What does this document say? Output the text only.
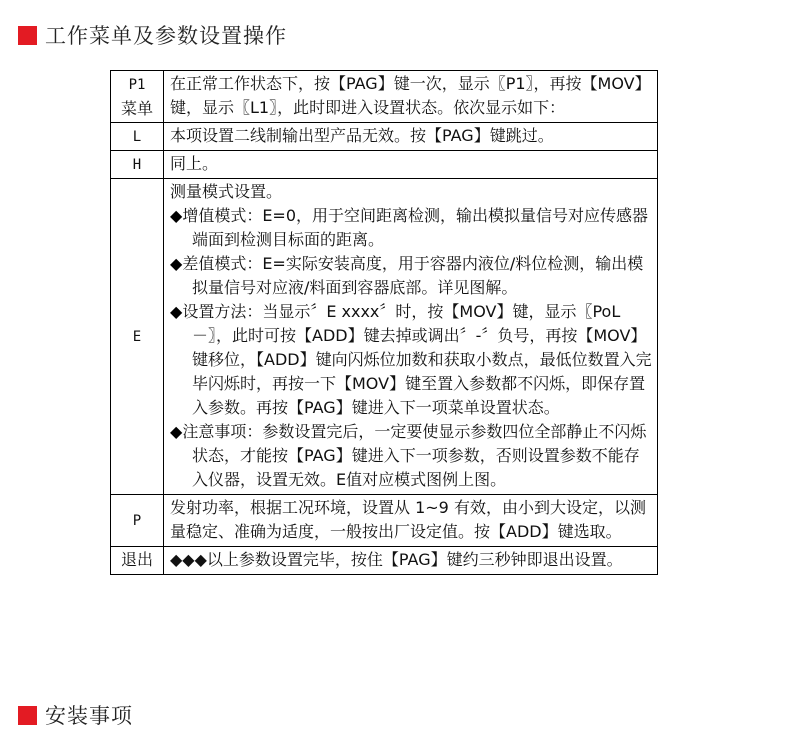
工作菜单及参数设置操作
P1
菜单	在正常工作状态下，按【PAG】键一次，显示〖P1〗，再按【MOV】键，显示〖L1〗，此时即进入设置状态。依次显示如下：
L	本项设置二线制输出型产品无效。按【PAG】键跳过。
H	同上。
E	测量模式设置。
◆增值模式：E=0，用于空间距离检测，输出模拟量信号对应传感器端面到检测目标面的距离。
◆差值模式：E=实际安装高度，用于容器内液位/料位检测，输出模拟量信号对应液/料面到容器底部。详见图解。
◆设置方法：当显示〞E xxxx〞时，按【MOV】键，显示〖PoL －〗，此时可按【ADD】键去掉或调出〞-〞负号，再按【MOV】键移位，【ADD】键向闪烁位加数和获取小数点，最低位数置入完毕闪烁时，再按一下【MOV】键至置入参数都不闪烁，即保存置入参数。再按【PAG】键进入下一项菜单设置状态。
◆注意事项：参数设置完后，一定要使显示参数四位全部静止不闪烁状态，才能按【PAG】键进入下一项参数，否则设置参数不能存入仪器，设置无效。E值对应模式图例上图。

P	发射功率，根据工况环境，设置从 1~9 有效，由小到大设定，以测量稳定、准确为适度，一般按出厂设定值。按【ADD】键选取。
退出	◆◆◆以上参数设置完毕，按住【PAG】键约三秒钟即退出设置。
安装事项
